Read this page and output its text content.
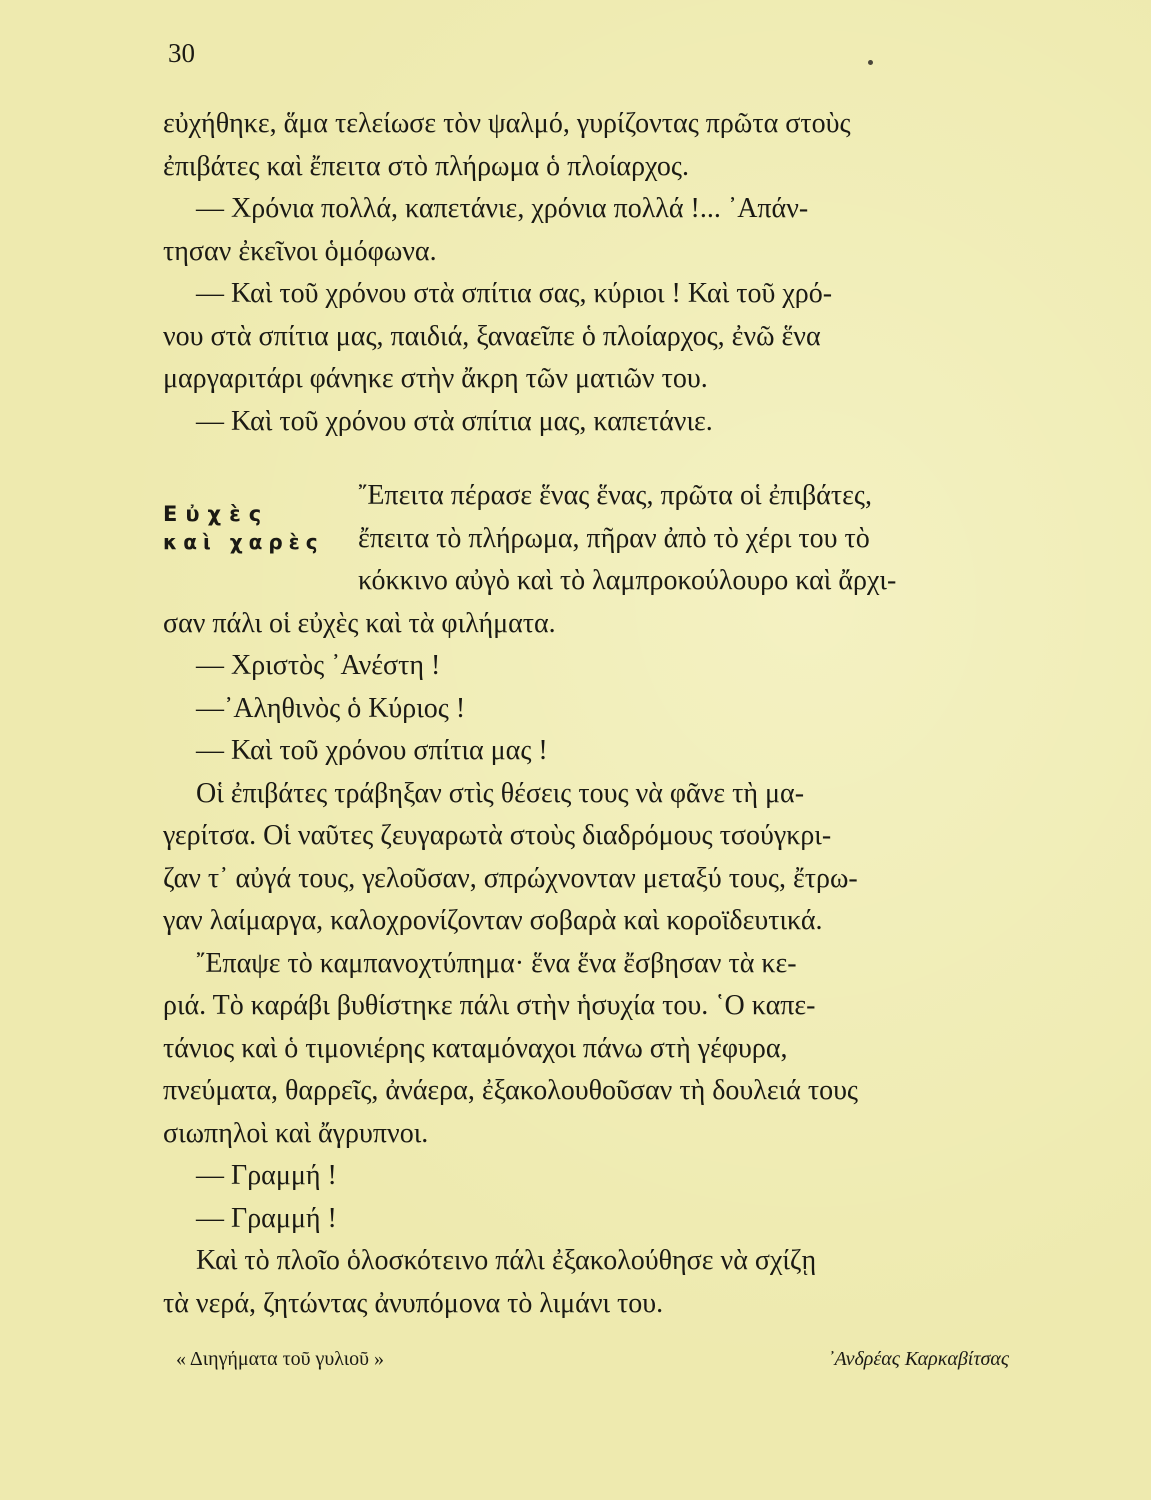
30
εὐχήθηκε, ἅμα τελείωσε τὸν ψαλμό, γυρίζοντας πρῶτα στοὺς
ἐπιβάτες καὶ ἔπειτα στὸ πλήρωμα ὁ πλοίαρχος.
— Χρόνια πολλά, καπετάνιε, χρόνια πολλά !... ᾿Απάν-
τησαν ἐκεῖνοι ὁμόφωνα.
— Καὶ τοῦ χρόνου στὰ σπίτια σας, κύριοι ! Καὶ τοῦ χρό-
νου στὰ σπίτια μας, παιδιά, ξαναεῖπε ὁ πλοίαρχος, ἐνῶ ἕνα
μαργαριτάρι φάνηκε στὴν ἄκρη τῶν ματιῶν του.
— Καὶ τοῦ χρόνου στὰ σπίτια μας, καπετάνιε.
Εὐχὲς
καὶ χαρὲς
῎Επειτα πέρασε ἕνας ἕνας, πρῶτα οἱ ἐπιβάτες,
ἔπειτα τὸ πλήρωμα, πῆραν ἀπὸ τὸ χέρι του τὸ
κόκκινο αὐγὸ καὶ τὸ λαμπροκούλουρο καὶ ἄρχι-
σαν πάλι οἱ εὐχὲς καὶ τὰ φιλήματα.
— Χριστὸς ᾿Ανέστη !
—᾿Αληθινὸς ὁ Κύριος !
— Καὶ τοῦ χρόνου σπίτια μας !
Οἱ ἐπιβάτες τράβηξαν στὶς θέσεις τους νὰ φᾶνε τὴ μα-
γερίτσα. Οἱ ναῦτες ζευγαρωτὰ στοὺς διαδρόμους τσούγκρι-
ζαν τ᾿ αὐγά τους, γελοῦσαν, σπρώχνονταν μεταξύ τους, ἔτρω-
γαν λαίμαργα, καλοχρονίζονταν σοβαρὰ καὶ κοροϊδευτικά.
῎Επαψε τὸ καμπανοχτύπημα· ἕνα ἕνα ἔσβησαν τὰ κε-
ριά. Τὸ καράβι βυθίστηκε πάλι στὴν ἡσυχία του. ῾Ο καπε-
τάνιος καὶ ὁ τιμονιέρης καταμόναχοι πάνω στὴ γέφυρα,
πνεύματα, θαρρεῖς, ἀνάερα, ἐξακολουθοῦσαν τὴ δουλειά τους
σιωπηλοὶ καὶ ἄγρυπνοι.
— Γραμμή !
— Γραμμή !
Καὶ τὸ πλοῖο ὁλοσκότεινο πάλι ἐξακολούθησε νὰ σχίζῃ
τὰ νερά, ζητώντας ἀνυπόμονα τὸ λιμάνι του.
« Διηγήματα τοῦ γυλιοῦ »	᾿Ανδρέας Καρκαβίτσας
